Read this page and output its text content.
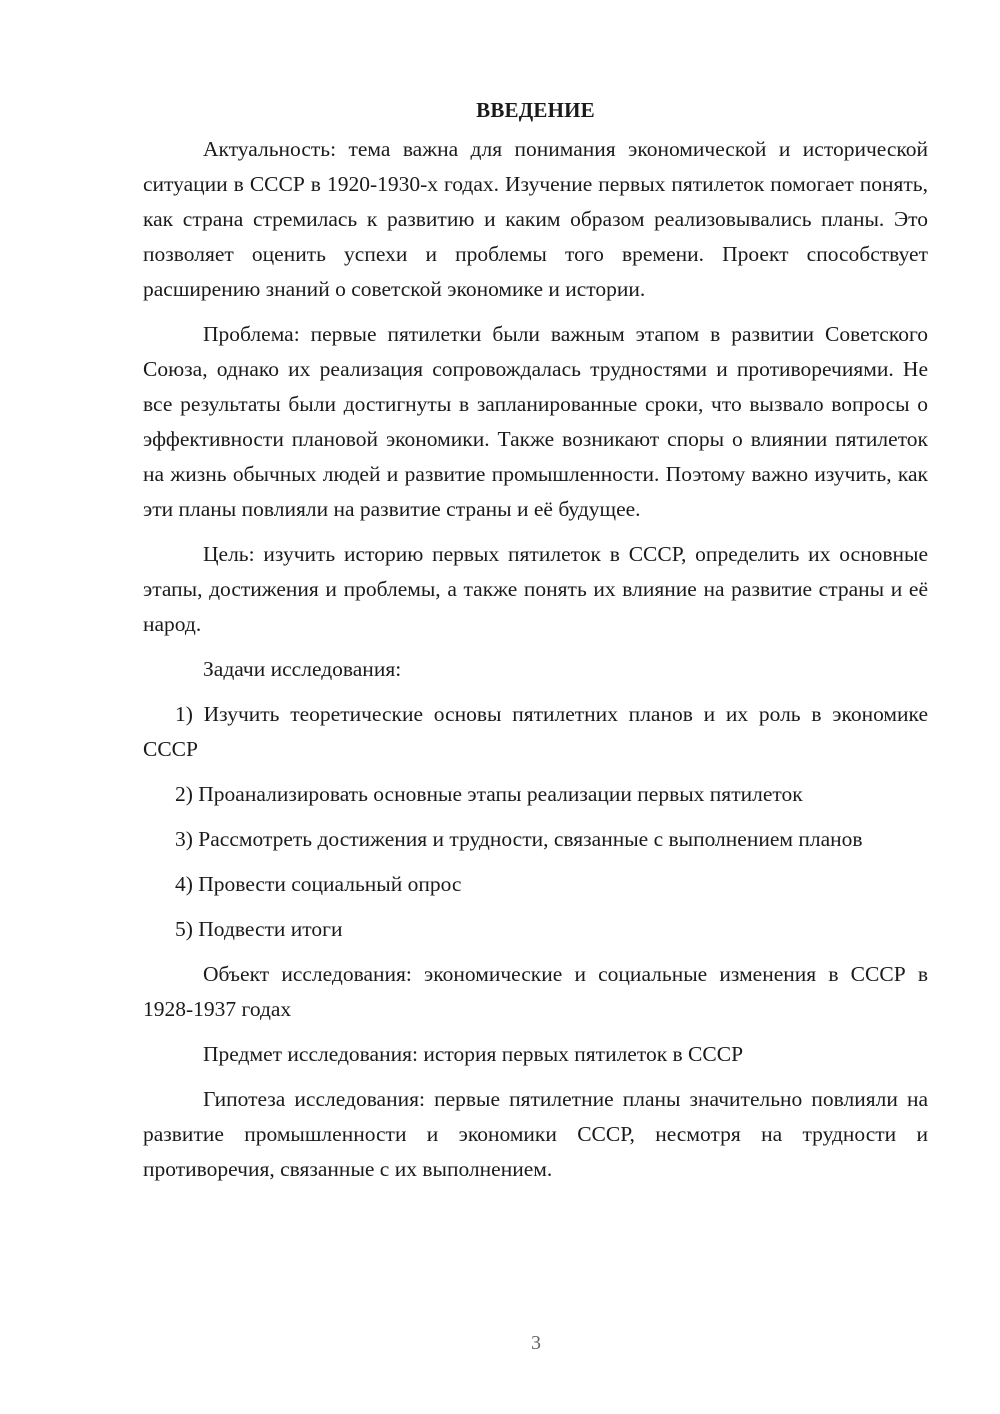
ВВЕДЕНИЕ

Актуальность: тема важна для понимания экономической и исторической ситуации в СССР в 1920-1930-х годах. Изучение первых пятилеток помогает понять, как страна стремилась к развитию и каким образом реализовывались планы. Это позволяет оценить успехи и проблемы того времени. Проект способствует расширению знаний о советской экономике и истории.

Проблема: первые пятилетки были важным этапом в развитии Советского Союза, однако их реализация сопровождалась трудностями и противоречиями. Не все результаты были достигнуты в запланированные сроки, что вызвало вопросы о эффективности плановой экономики. Также возникают споры о влиянии пятилеток на жизнь обычных людей и развитие промышленности. Поэтому важно изучить, как эти планы повлияли на развитие страны и её будущее.

Цель: изучить историю первых пятилеток в СССР, определить их основные этапы, достижения и проблемы, а также понять их влияние на развитие страны и её народ.

Задачи исследования:

1) Изучить теоретические основы пятилетних планов и их роль в экономике СССР

2) Проанализировать основные этапы реализации первых пятилеток

3) Рассмотреть достижения и трудности, связанные с выполнением планов

4) Провести социальный опрос

5) Подвести итоги

Объект исследования: экономические и социальные изменения в СССР в 1928-1937 годах

Предмет исследования: история первых пятилеток в СССР

Гипотеза исследования: первые пятилетние планы значительно повлияли на развитие промышленности и экономики СССР, несмотря на трудности и противоречия, связанные с их выполнением.

3
